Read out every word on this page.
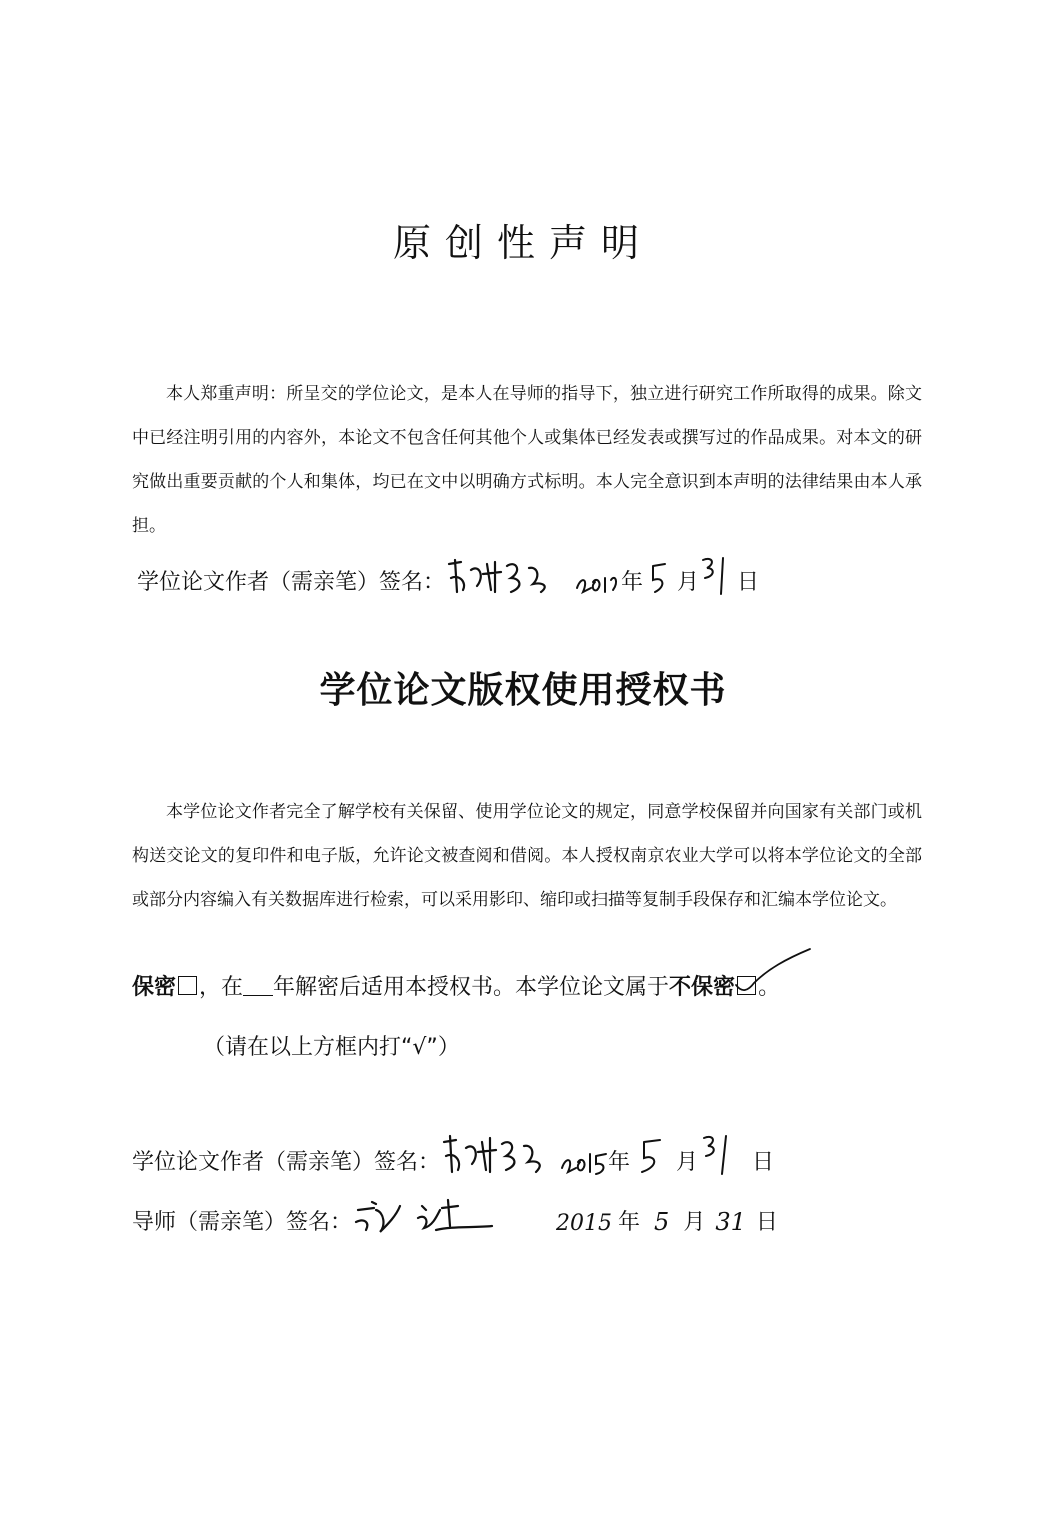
原创性声明
本人郑重声明：所呈交的学位论文，是本人在导师的指导下，独立进行研究工作所取得的成果。除文中已经注明引用的内容外，本论文不包含任何其他个人或集体已经发表或撰写过的作品成果。对本文的研究做出重要贡献的个人和集体，均已在文中以明确方式标明。本人完全意识到本声明的法律结果由本人承担。
学位论文作者（需亲笔）签名：	年 月 日
学位论文版权使用授权书
本学位论文作者完全了解学校有关保留、使用学位论文的规定，同意学校保留并向国家有关部门或机构送交论文的复印件和电子版，允许论文被查阅和借阅。本人授权南京农业大学可以将本学位论文的全部或部分内容编入有关数据库进行检索，可以采用影印、缩印或扫描等复制手段保存和汇编本学位论文。
保密 ，在 年解密后适用本授权书。本学位论文属于不保密 。
（请在以上方框内打“√”）
学位论文作者（需亲笔）签名：	年 月 日
导师（需亲笔）签名：	2015 年 5 月 31 日
